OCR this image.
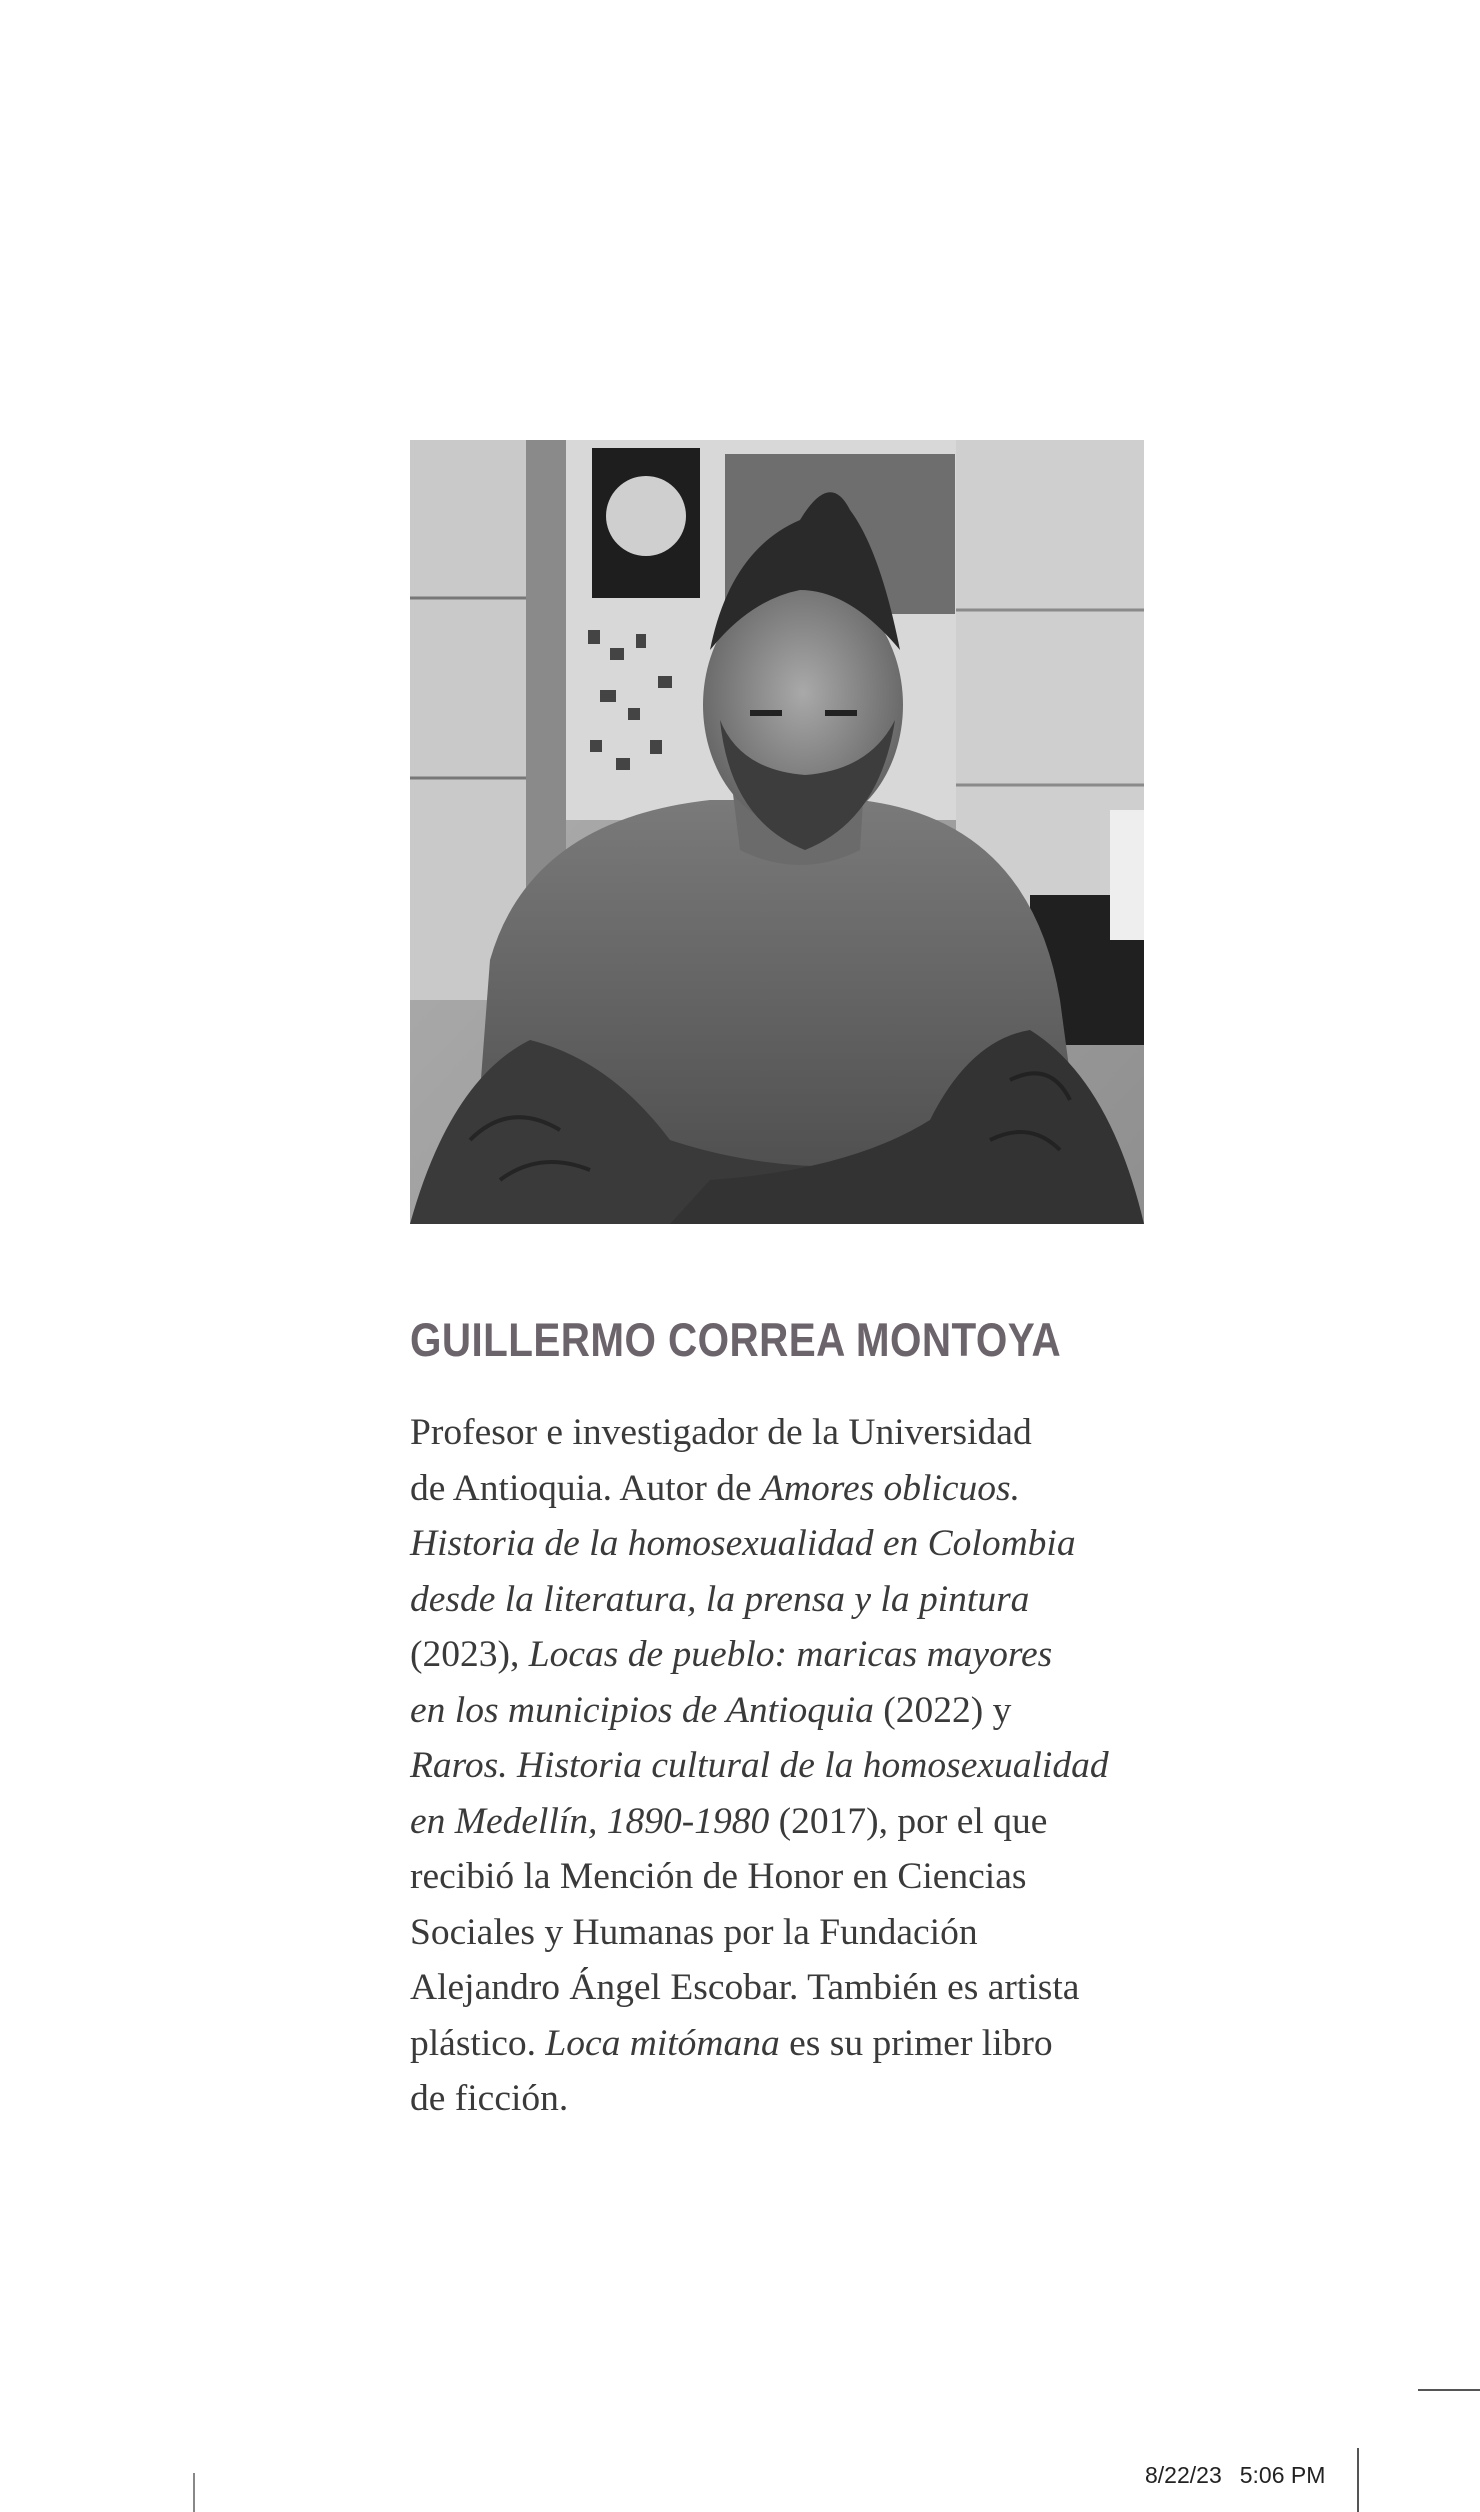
GUILLERMO CORREA MONTOYA

Profesor e investigador de la Universidad
de Antioquia. Autor de Amores oblicuos.
Historia de la homosexualidad en Colombia
desde la literatura, la prensa y la pintura
(2023), Locas de pueblo: maricas mayores
en los municipios de Antioquia (2022) y
Raros. Historia cultural de la homosexualidad
en Medellín, 1890-1980 (2017), por el que
recibió la Mención de Honor en Ciencias
Sociales y Humanas por la Fundación
Alejandro Ángel Escobar. También es artista
plástico. Loca mitómana es su primer libro
de ficción.

8/22/23 5:06 PM
